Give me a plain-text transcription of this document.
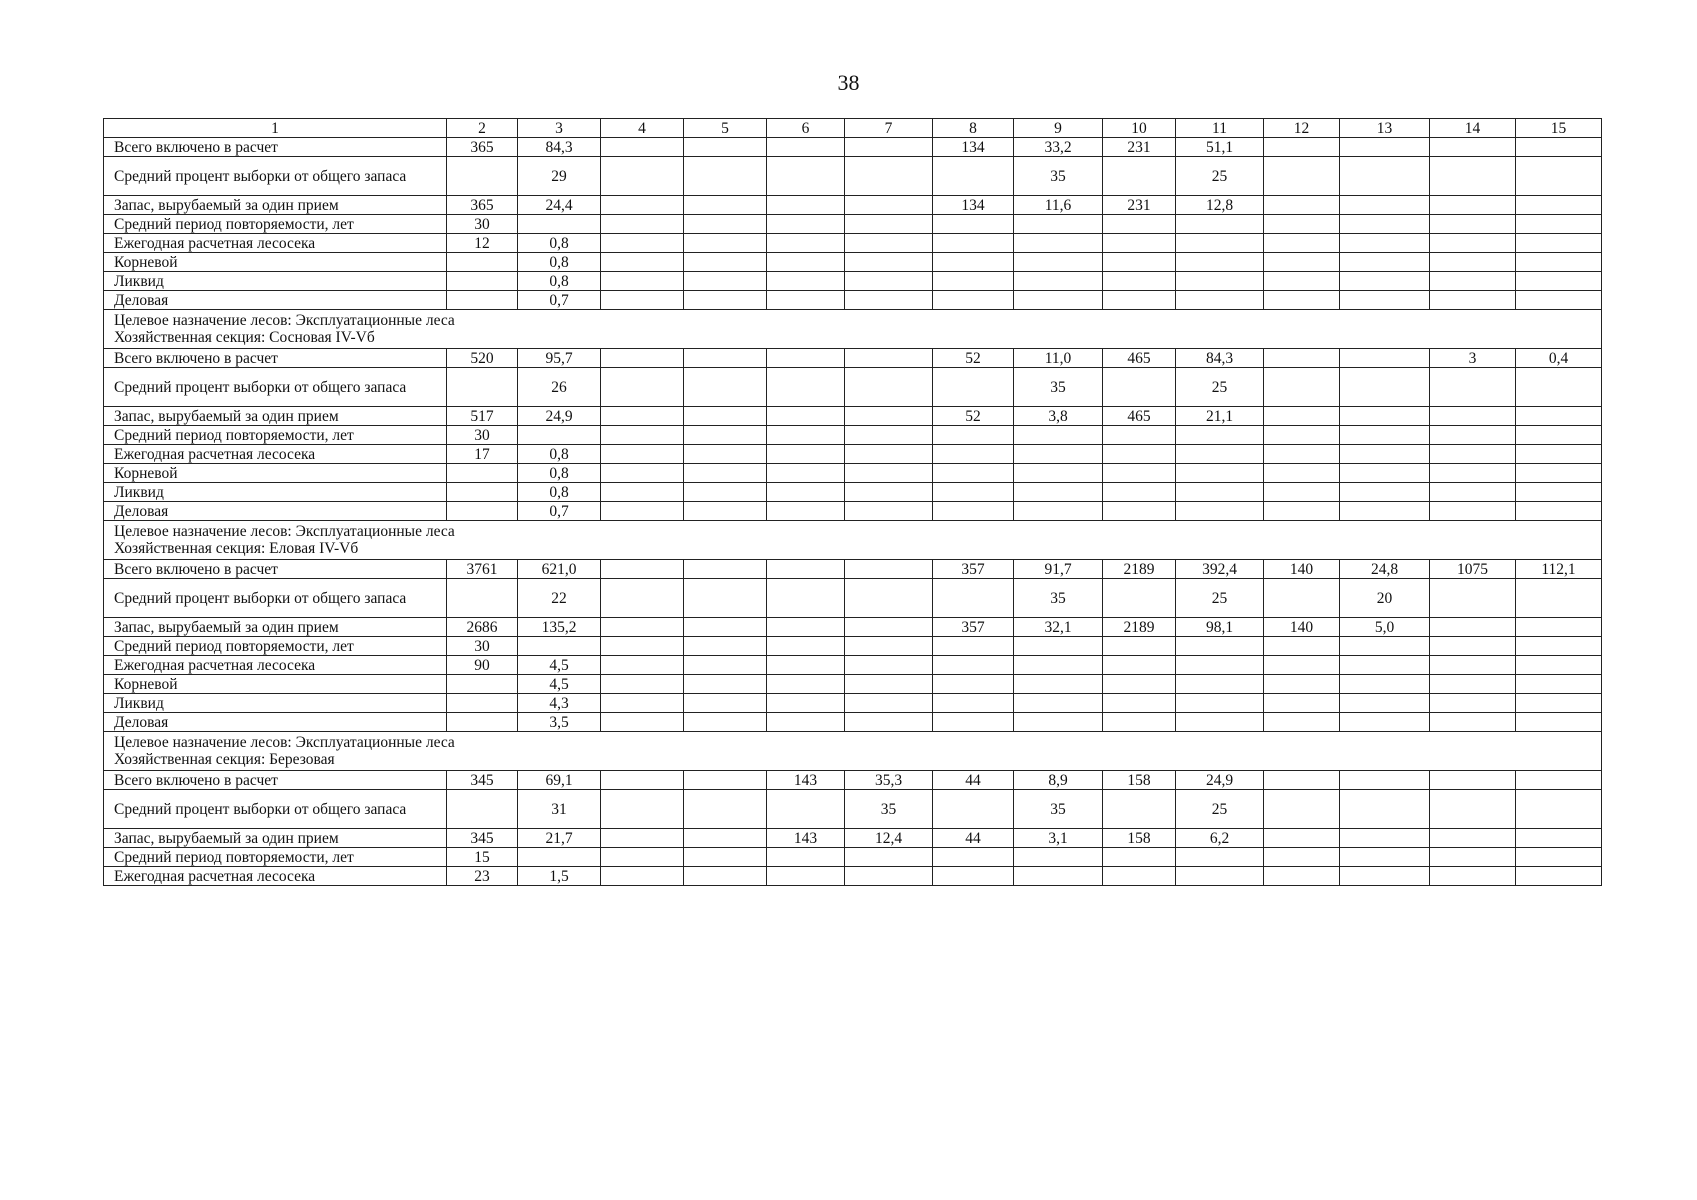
38
1	2	3	4	5	6	7	8	9	10	11	12	13	14	15
Всего включено в расчет	365	84,3					134	33,2	231	51,1				
Средний процент выборки от общего запаса		29						35		25				
Запас, вырубаемый за один прием	365	24,4					134	11,6	231	12,8				
Средний период повторяемости, лет	30													
Ежегодная расчетная лесосека	12	0,8												
Корневой		0,8												
Ликвид		0,8												
Деловая		0,7												

Целевое назначение лесов: Эксплуатационные леса
Хозяйственная секция: Сосновая IV-Vб														

Всего включено в расчет	520	95,7					52	11,0	465	84,3			3	0,4
Средний процент выборки от общего запаса		26						35		25				
Запас, вырубаемый за один прием	517	24,9					52	3,8	465	21,1				
Средний период повторяемости, лет	30													
Ежегодная расчетная лесосека	17	0,8												
Корневой		0,8												
Ликвид		0,8												
Деловая		0,7												

Целевое назначение лесов: Эксплуатационные леса
Хозяйственная секция: Еловая IV-Vб														

Всего включено в расчет	3761	621,0					357	91,7	2189	392,4	140	24,8	1075	112,1
Средний процент выборки от общего запаса		22						35		25		20		
Запас, вырубаемый за один прием	2686	135,2					357	32,1	2189	98,1	140	5,0		
Средний период повторяемости, лет	30													
Ежегодная расчетная лесосека	90	4,5												
Корневой		4,5												
Ликвид		4,3												
Деловая		3,5												

Целевое назначение лесов: Эксплуатационные леса
Хозяйственная секция: Березовая														

Всего включено в расчет	345	69,1			143	35,3	44	8,9	158	24,9				
Средний процент выборки от общего запаса		31				35		35		25				
Запас, вырубаемый за один прием	345	21,7			143	12,4	44	3,1	158	6,2				
Средний период повторяемости, лет	15													
Ежегодная расчетная лесосека	23	1,5												
